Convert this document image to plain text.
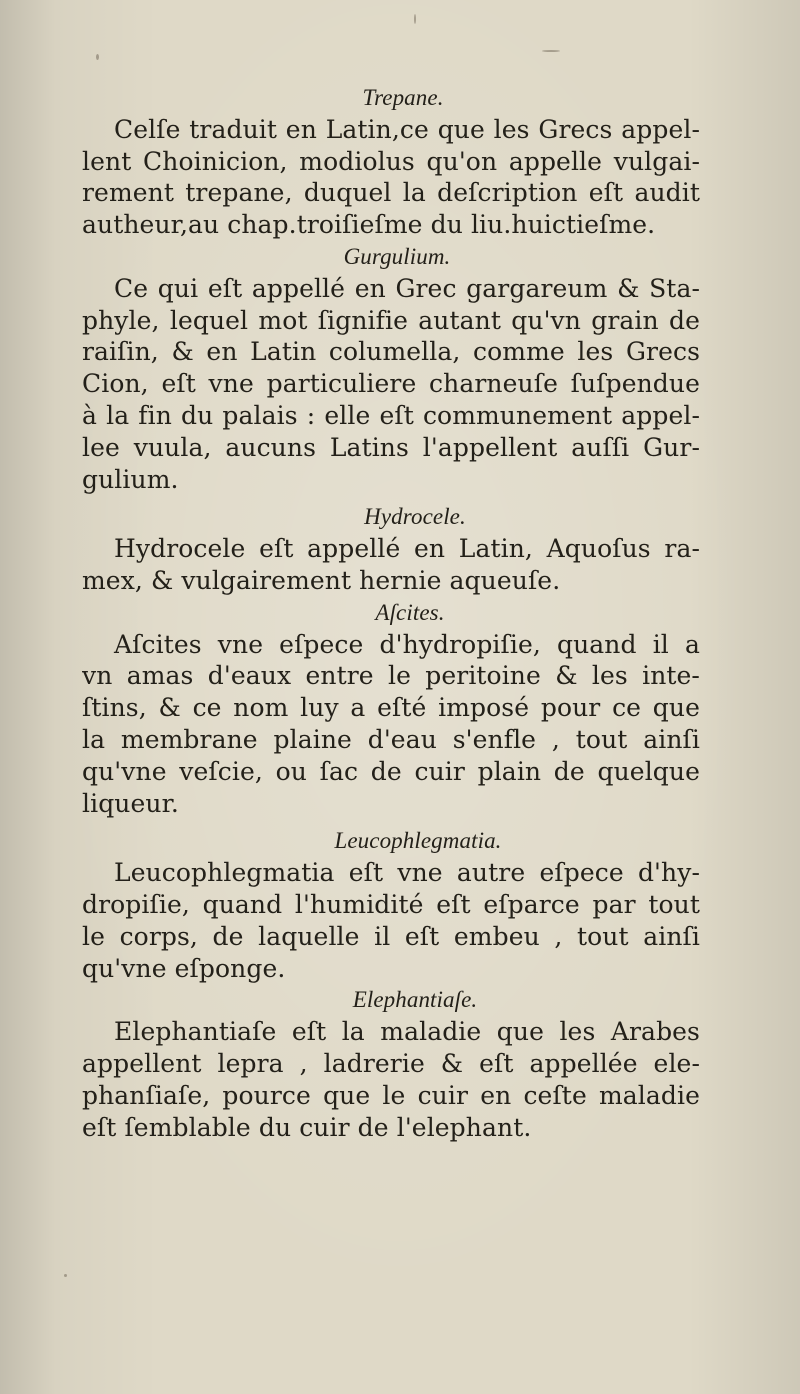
Trepane.

Celſe traduit en Latin,ce que les Grecs appel-
lent Choinicion, modiolus qu'on appelle vulgai-
rement trepane, duquel la deſcription eſt audit
autheur,au chap.troiſieſme du liu.huictieſme.

Gurgulium.

Ce qui eſt appellé en Grec gargareum & Sta-
phyle, lequel mot ſignifie autant qu'vn grain de
raiſin, & en Latin columella, comme les Grecs
Cion, eſt vne particuliere charneuſe ſuſpendue
à la fin du palais : elle eſt communement appel-
lee vuula, aucuns Latins l'appellent auſſi Gur-
gulium.

Hydrocele.

Hydrocele eſt appellé en Latin, Aquoſus ra-
mex, & vulgairement hernie aqueuſe.

Aſcites.

Aſcites vne eſpece d'hydropiſie, quand il a
vn amas d'eaux entre le peritoine & les inte-
ſtins, & ce nom luy a eſté imposé pour ce que
la membrane plaine d'eau s'enfle , tout ainſi
qu'vne veſcie, ou ſac de cuir plain de quelque
liqueur.

Leucophlegmatia.

Leucophlegmatia eſt vne autre eſpece d'hy-
dropiſie, quand l'humidité eſt eſparce par tout
le corps, de laquelle il eſt embeu , tout ainſi
qu'vne eſponge.

Elephantiaſe.

Elephantiaſe eſt la maladie que les Arabes
appellent lepra , ladrerie & eſt appellée ele-
phanſiaſe, pource que le cuir en ceſte maladie
eſt ſemblable du cuir de l'elephant.
